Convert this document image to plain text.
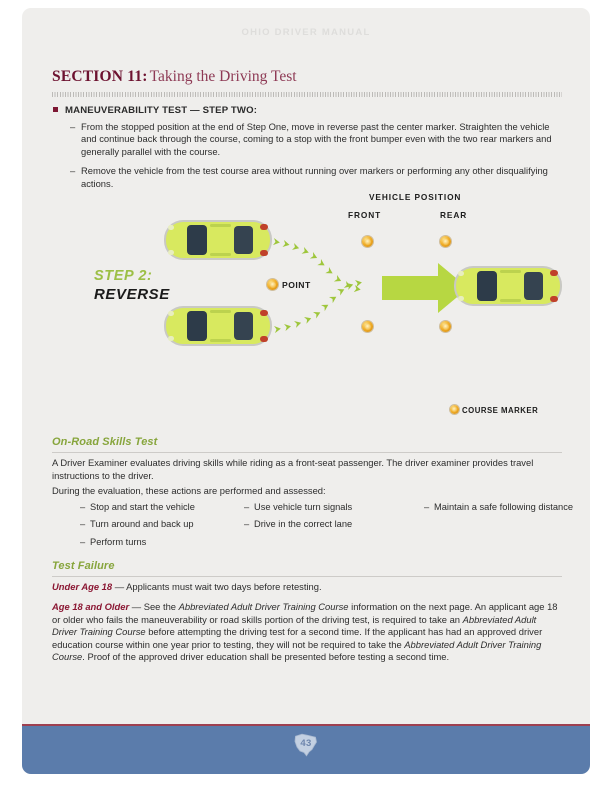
OHIO DRIVER MANUAL
SECTION 11: Taking the Driving Test
MANEUVERABILITY TEST — STEP TWO:
– From the stopped position at the end of Step One, move in reverse past the center marker. Straighten the vehicle and continue back through the course, coming to a stop with the front bumper even with the two rear markers and generally parallel with the course.
– Remove the vehicle from the test course area without running over markers or performing any other disqualifying actions.
VEHICLE POSITION
FRONT	REAR
STEP 2:
REVERSE
POINT
COURSE MARKER
On-Road Skills Test
A Driver Examiner evaluates driving skills while riding as a front-seat passenger. The driver examiner provides travel instructions to the driver.
During the evaluation, these actions are performed and assessed:
– Stop and start the vehicle
– Turn around and back up
– Perform turns
– Use vehicle turn signals
– Drive in the correct lane
– Maintain a safe following distance
Test Failure
Under Age 18 — Applicants must wait two days before retesting.
Age 18 and Older — See the Abbreviated Adult Driver Training Course information on the next page. An applicant age 18 or older who fails the maneuverability or road skills portion of the driving test, is required to take an Abbreviated Adult Driver Training Course before attempting the driving test for a second time. If the applicant has had an approved driver education course within one year prior to testing, they will not be required to take the Abbreviated Adult Driver Training Course. Proof of the approved driver education shall be presented before testing a second time.
43
